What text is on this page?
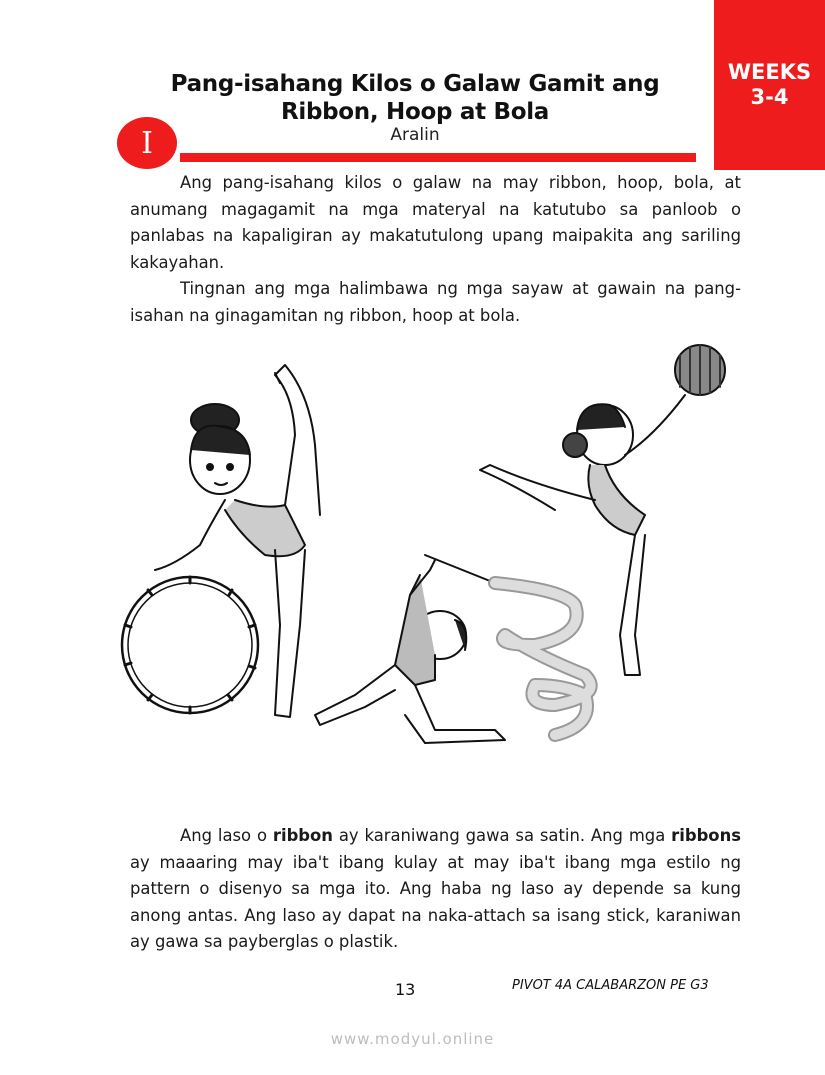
WEEKS
3-4
Pang-isahang Kilos o Galaw Gamit ang
Ribbon, Hoop at Bola
Aralin
I

Ang pang-isahang kilos o galaw na may ribbon, hoop, bola, at anumang magagamit na mga materyal na katutubo sa panloob o panlabas na kapaligiran ay makatutulong upang maipakita ang sariling kakayahan.

Tingnan ang mga halimbawa ng mga sayaw at gawain na pang-isahan na ginagamitan ng ribbon, hoop at bola.

Ang laso o ribbon ay karaniwang gawa sa satin. Ang mga ribbons ay maaaring may iba't ibang kulay at may iba't ibang mga estilo ng pattern o disenyo sa mga ito. Ang haba ng laso ay depende sa kung anong antas. Ang laso ay dapat na naka-attach sa isang stick, karaniwan ay gawa sa payberglas o plastik.

13	PIVOT 4A CALABARZON PE G3
www.modyul.online
